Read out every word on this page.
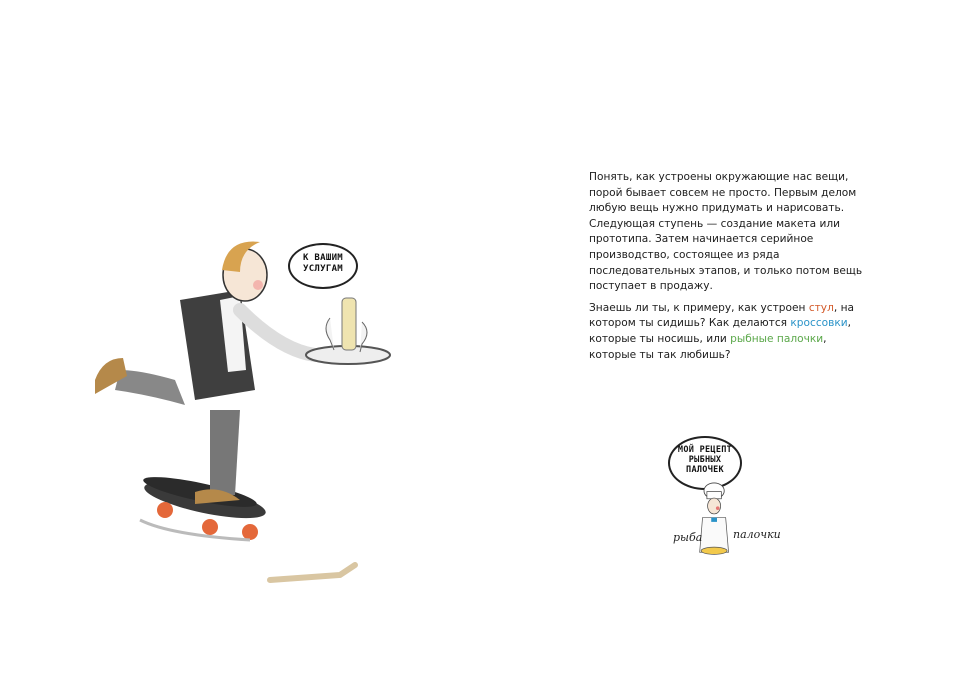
К ВАШИМ УСЛУГАМ

Понять, как устроены окружающие нас вещи, порой бывает совсем не просто. Первым делом любую вещь нужно придумать и нарисовать. Следующая ступень — создание макета или прототипа. Затем начинается серийное производство, состоящее из ряда последовательных этапов, и только потом вещь поступает в продажу.

Знаешь ли ты, к примеру, как устроен стул, на котором ты сидишь? Как делаются кроссовки, которые ты носишь, или рыбные палочки, которые ты так любишь?

МОЙ РЕЦЕПТ РЫБНЫХ ПАЛОЧЕК
рыба	палочки
